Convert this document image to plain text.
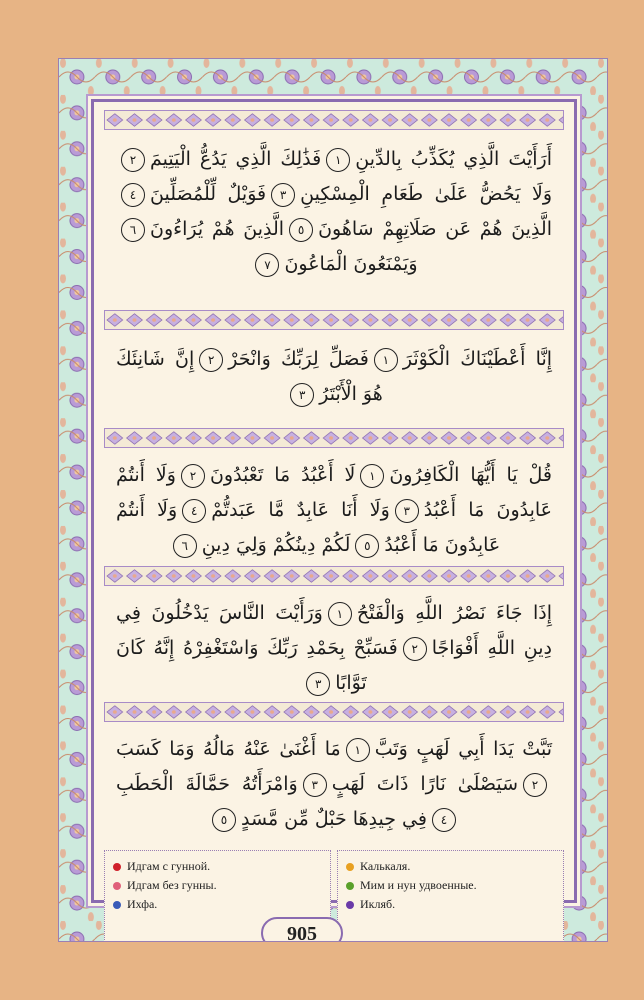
أَرَأَيْتَ الَّذِي يُكَذِّبُ بِالدِّينِ١فَذَٰلِكَ الَّذِي يَدُعُّ الْيَتِيمَ٢وَلَا يَحُضُّ عَلَىٰ طَعَامِ الْمِسْكِينِ٣فَوَيْلٌ لِّلْمُصَلِّينَ٤الَّذِينَ هُمْ عَن صَلَاتِهِمْ سَاهُونَ٥الَّذِينَ هُمْ يُرَاءُونَ٦وَيَمْنَعُونَ الْمَاعُونَ٧
إِنَّا أَعْطَيْنَاكَ الْكَوْثَرَ١فَصَلِّ لِرَبِّكَ وَانْحَرْ٢إِنَّ شَانِئَكَ هُوَ الْأَبْتَرُ٣
قُلْ يَا أَيُّهَا الْكَافِرُونَ١لَا أَعْبُدُ مَا تَعْبُدُونَ٢وَلَا أَنتُمْ عَابِدُونَ مَا أَعْبُدُ٣وَلَا أَنَا عَابِدٌ مَّا عَبَدتُّمْ٤وَلَا أَنتُمْ عَابِدُونَ مَا أَعْبُدُ٥لَكُمْ دِينُكُمْ وَلِيَ دِينِ٦
إِذَا جَاءَ نَصْرُ اللَّهِ وَالْفَتْحُ١وَرَأَيْتَ النَّاسَ يَدْخُلُونَ فِي دِينِ اللَّهِ أَفْوَاجًا٢فَسَبِّحْ بِحَمْدِ رَبِّكَ وَاسْتَغْفِرْهُ إِنَّهُ كَانَ تَوَّابًا٣
تَبَّتْ يَدَا أَبِي لَهَبٍ وَتَبَّ١مَا أَغْنَىٰ عَنْهُ مَالُهُ وَمَا كَسَبَ٢سَيَصْلَىٰ نَارًا ذَاتَ لَهَبٍ٣وَامْرَأَتُهُ حَمَّالَةَ الْحَطَبِ٤فِي جِيدِهَا حَبْلٌ مِّن مَّسَدٍ٥
Идгам с гунной.
Идгам без гунны.
Ихфа.
Калькаля.
Мим и нун удвоенные.
Икляб.
905
